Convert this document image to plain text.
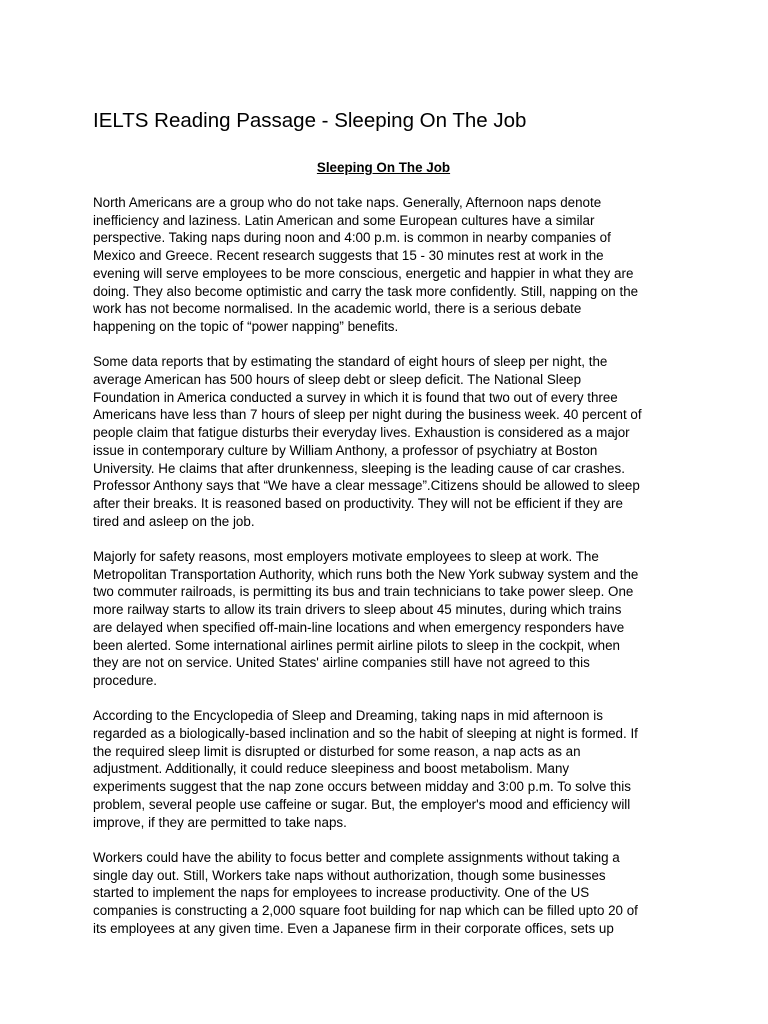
IELTS Reading Passage - Sleeping On The Job
Sleeping On The Job

North Americans are a group who do not take naps. Generally, Afternoon naps denote
inefficiency and laziness. Latin American and some European cultures have a similar
perspective. Taking naps during noon and 4:00 p.m. is common in nearby companies of
Mexico and Greece. Recent research suggests that 15 - 30 minutes rest at work in the
evening will serve employees to be more conscious, energetic and happier in what they are
doing. They also become optimistic and carry the task more confidently. Still, napping on the
work has not become normalised. In the academic world, there is a serious debate
happening on the topic of “power napping” benefits.

Some data reports that by estimating the standard of eight hours of sleep per night, the
average American has 500 hours of sleep debt or sleep deficit. The National Sleep
Foundation in America conducted a survey in which it is found that two out of every three
Americans have less than 7 hours of sleep per night during the business week. 40 percent of
people claim that fatigue disturbs their everyday lives. Exhaustion is considered as a major
issue in contemporary culture by William Anthony, a professor of psychiatry at Boston
University. He claims that after drunkenness, sleeping is the leading cause of car crashes.
Professor Anthony says that “We have a clear message”.Citizens should be allowed to sleep
after their breaks. It is reasoned based on productivity. They will not be efficient if they are
tired and asleep on the job.

Majorly for safety reasons, most employers motivate employees to sleep at work. The
Metropolitan Transportation Authority, which runs both the New York subway system and the
two commuter railroads, is permitting its bus and train technicians to take power sleep. One
more railway starts to allow its train drivers to sleep about 45 minutes, during which trains
are delayed when specified off-main-line locations and when emergency responders have
been alerted. Some international airlines permit airline pilots to sleep in the cockpit, when
they are not on service. United States' airline companies still have not agreed to this
procedure.

According to the Encyclopedia of Sleep and Dreaming, taking naps in mid afternoon is
regarded as a biologically-based inclination and so the habit of sleeping at night is formed. If
the required sleep limit is disrupted or disturbed for some reason, a nap acts as an
adjustment. Additionally, it could reduce sleepiness and boost metabolism. Many
experiments suggest that the nap zone occurs between midday and 3:00 p.m. To solve this
problem, several people use caffeine or sugar. But, the employer's mood and efficiency will
improve, if they are permitted to take naps.

Workers could have the ability to focus better and complete assignments without taking a
single day out. Still, Workers take naps without authorization, though some businesses
started to implement the naps for employees to increase productivity. One of the US
companies is constructing a 2,000 square foot building for nap which can be filled upto 20 of
its employees at any given time. Even a Japanese firm in their corporate offices, sets up
